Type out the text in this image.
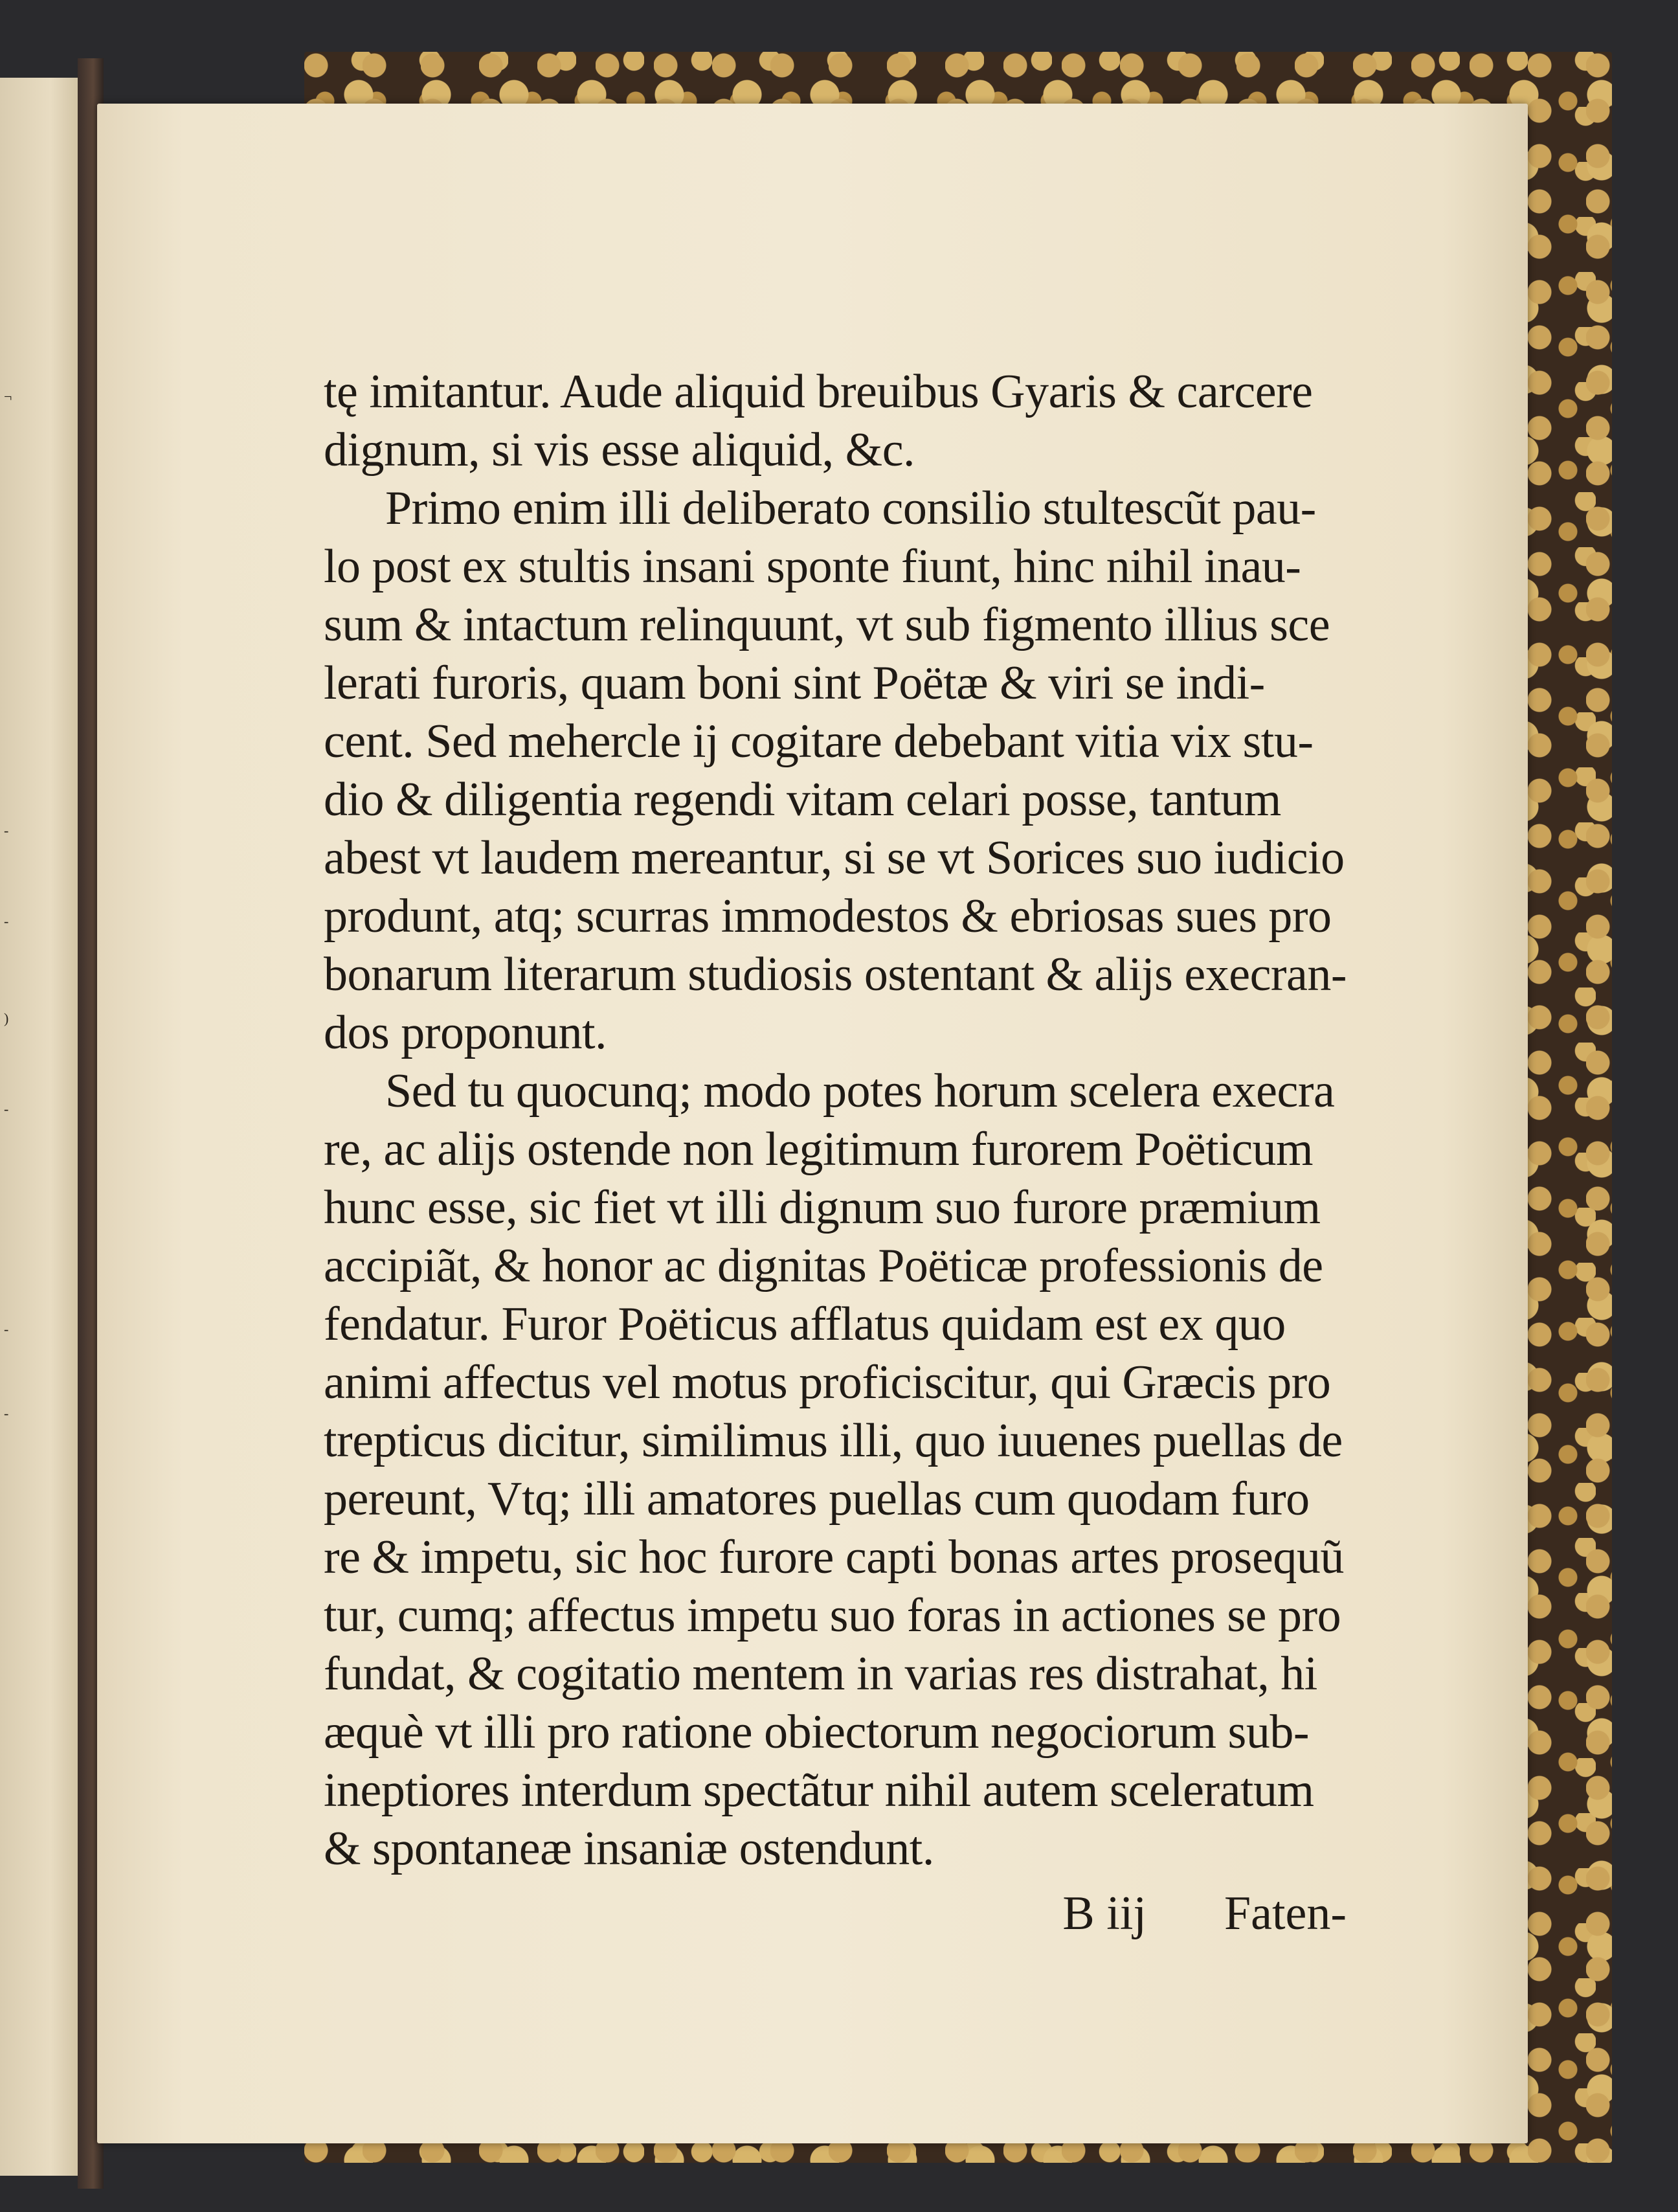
¬
-
-
)
-
-
-
tę imitantur. Aude aliquid breuibus Gyaris & carcere
dignum, si vis esse aliquid, &c.
Primo enim illi deliberato consilio stultescũt pau-
lo post ex stultis insani sponte fiunt, hinc nihil inau-
sum & intactum relinquunt, vt sub figmento illius sce
lerati furoris, quam boni sint Poëtæ & viri se indi-
cent. Sed mehercle ij cogitare debebant vitia vix stu-
dio & diligentia regendi vitam celari posse, tantum
abest vt laudem mereantur, si se vt Sorices suo iudicio
produnt, atq; scurras immodestos & ebriosas sues pro
bonarum literarum studiosis ostentant & alijs execran-
dos proponunt.
Sed tu quocunq; modo potes horum scelera execra
re, ac alijs ostende non legitimum furorem Poëticum
hunc esse, sic fiet vt illi dignum suo furore præmium
accipiãt, & honor ac dignitas Poëticæ professionis de
fendatur. Furor Poëticus afflatus quidam est ex quo
animi affectus vel motus proficiscitur, qui Græcis pro
trepticus dicitur, similimus illi, quo iuuenes puellas de
pereunt, Vtq; illi amatores puellas cum quodam furo
re & impetu, sic hoc furore capti bonas artes prosequũ
tur, cumq; affectus impetu suo foras in actiones se pro
fundat, & cogitatio mentem in varias res distrahat, hi
æquè vt illi pro ratione obiectorum negociorum sub-
ineptiores interdum spectãtur nihil autem sceleratum
& spontaneæ insaniæ ostendunt.
B iij Faten-
